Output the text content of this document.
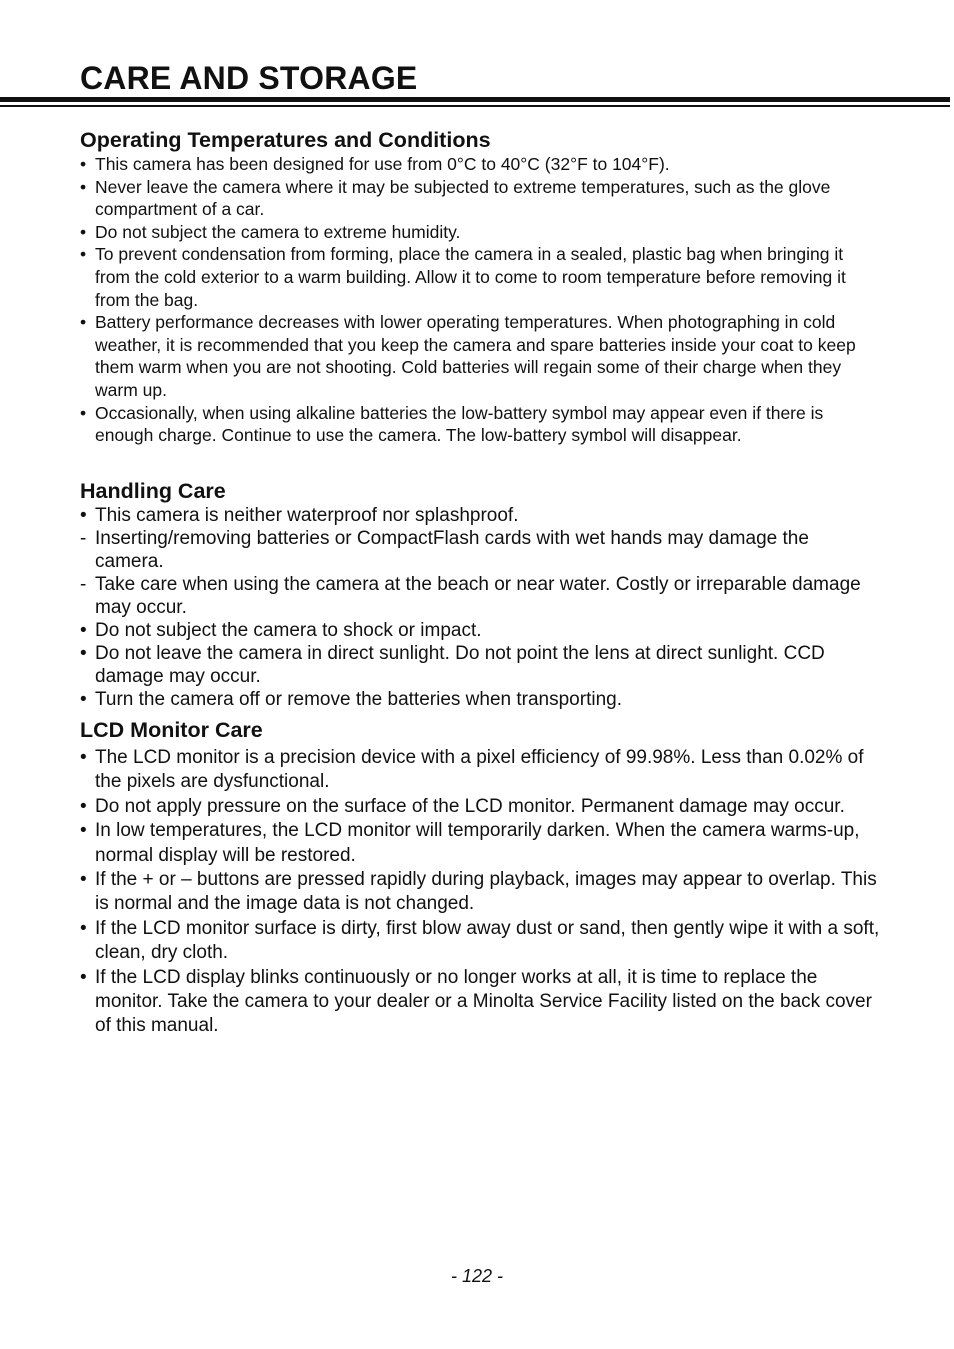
CARE AND STORAGE
Operating Temperatures and Conditions
• This camera has been designed for use from 0°C to 40°C (32°F to 104°F).
• Never leave the camera where it may be subjected to extreme temperatures, such as the glove compartment of a car.
• Do not subject the camera to extreme humidity.
• To prevent condensation from forming, place the camera in a sealed, plastic bag when bringing it from the cold exterior to a warm building. Allow it to come to room temperature before removing it from the bag.
• Battery performance decreases with lower operating temperatures. When photographing in cold weather, it is recommended that you keep the camera and spare batteries inside your coat to keep them warm when you are not shooting. Cold batteries will regain some of their charge when they warm up.
• Occasionally, when using alkaline batteries the low-battery symbol may appear even if there is enough charge. Continue to use the camera. The low-battery symbol will disappear.
Handling Care
• This camera is neither waterproof nor splashproof.
- Inserting/removing batteries or CompactFlash cards with wet hands may damage the camera.
- Take care when using the camera at the beach or near water. Costly or irreparable damage may occur.
• Do not subject the camera to shock or impact.
• Do not leave the camera in direct sunlight. Do not point the lens at direct sunlight. CCD damage may occur.
• Turn the camera off or remove the batteries when transporting.
LCD Monitor Care
• The LCD monitor is a precision device with a pixel efficiency of 99.98%. Less than 0.02% of the pixels are dysfunctional.
• Do not apply pressure on the surface of the LCD monitor. Permanent damage may occur.
• In low temperatures, the LCD monitor will temporarily darken. When the camera warms-up, normal display will be restored.
• If the + or – buttons are pressed rapidly during playback, images may appear to overlap. This is normal and the image data is not changed.
• If the LCD monitor surface is dirty, first blow away dust or sand, then gently wipe it with a soft, clean, dry cloth.
• If the LCD display blinks continuously or no longer works at all, it is time to replace the monitor. Take the camera to your dealer or a Minolta Service Facility listed on the back cover of this manual.
- 122 -
